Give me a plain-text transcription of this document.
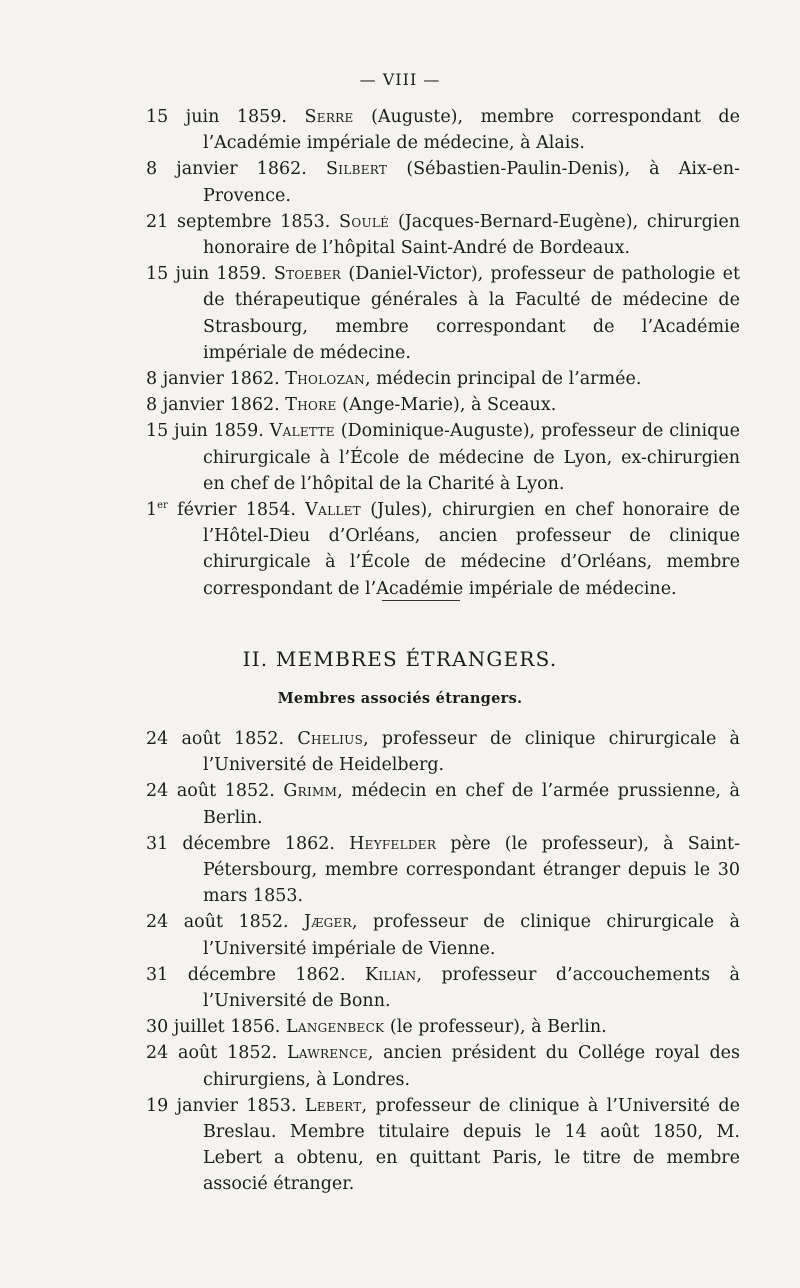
— VIII —

15 juin 1859. Serre (Auguste), membre correspondant de l’Académie impériale de médecine, à Alais.

8 janvier 1862. Silbert (Sébastien-Paulin-Denis), à Aix-en-Provence.

21 septembre 1853. Soulé (Jacques-Bernard-Eugène), chirurgien honoraire de l’hôpital Saint-André de Bordeaux.

15 juin 1859. Stoeber (Daniel-Victor), professeur de pathologie et de thérapeutique générales à la Faculté de médecine de Strasbourg, membre correspondant de l’Académie impériale de médecine.

8 janvier 1862. Tholozan, médecin principal de l’armée.

8 janvier 1862. Thore (Ange-Marie), à Sceaux.

15 juin 1859. Valette (Dominique-Auguste), professeur de clinique chirurgicale à l’École de médecine de Lyon, ex-chirurgien en chef de l’hôpital de la Charité à Lyon.

1er février 1854. Vallet (Jules), chirurgien en chef honoraire de l’Hôtel-Dieu d’Orléans, ancien professeur de clinique chirurgicale à l’École de médecine d’Orléans, membre correspondant de l’Académie impériale de médecine.

II. MEMBRES ÉTRANGERS.
Membres associés étrangers.

24 août 1852. Chelius, professeur de clinique chirurgicale à l’Université de Heidelberg.

24 août 1852. Grimm, médecin en chef de l’armée prussienne, à Berlin.

31 décembre 1862. Heyfelder père (le professeur), à Saint-Pétersbourg, membre correspondant étranger depuis le 30 mars 1853.

24 août 1852. Jæger, professeur de clinique chirurgicale à l’Université impériale de Vienne.

31 décembre 1862. Kilian, professeur d’accouchements à l’Université de Bonn.

30 juillet 1856. Langenbeck (le professeur), à Berlin.

24 août 1852. Lawrence, ancien président du Collége royal des chirurgiens, à Londres.

19 janvier 1853. Lebert, professeur de clinique à l’Université de Breslau. Membre titulaire depuis le 14 août 1850, M. Lebert a obtenu, en quittant Paris, le titre de membre associé étranger.
